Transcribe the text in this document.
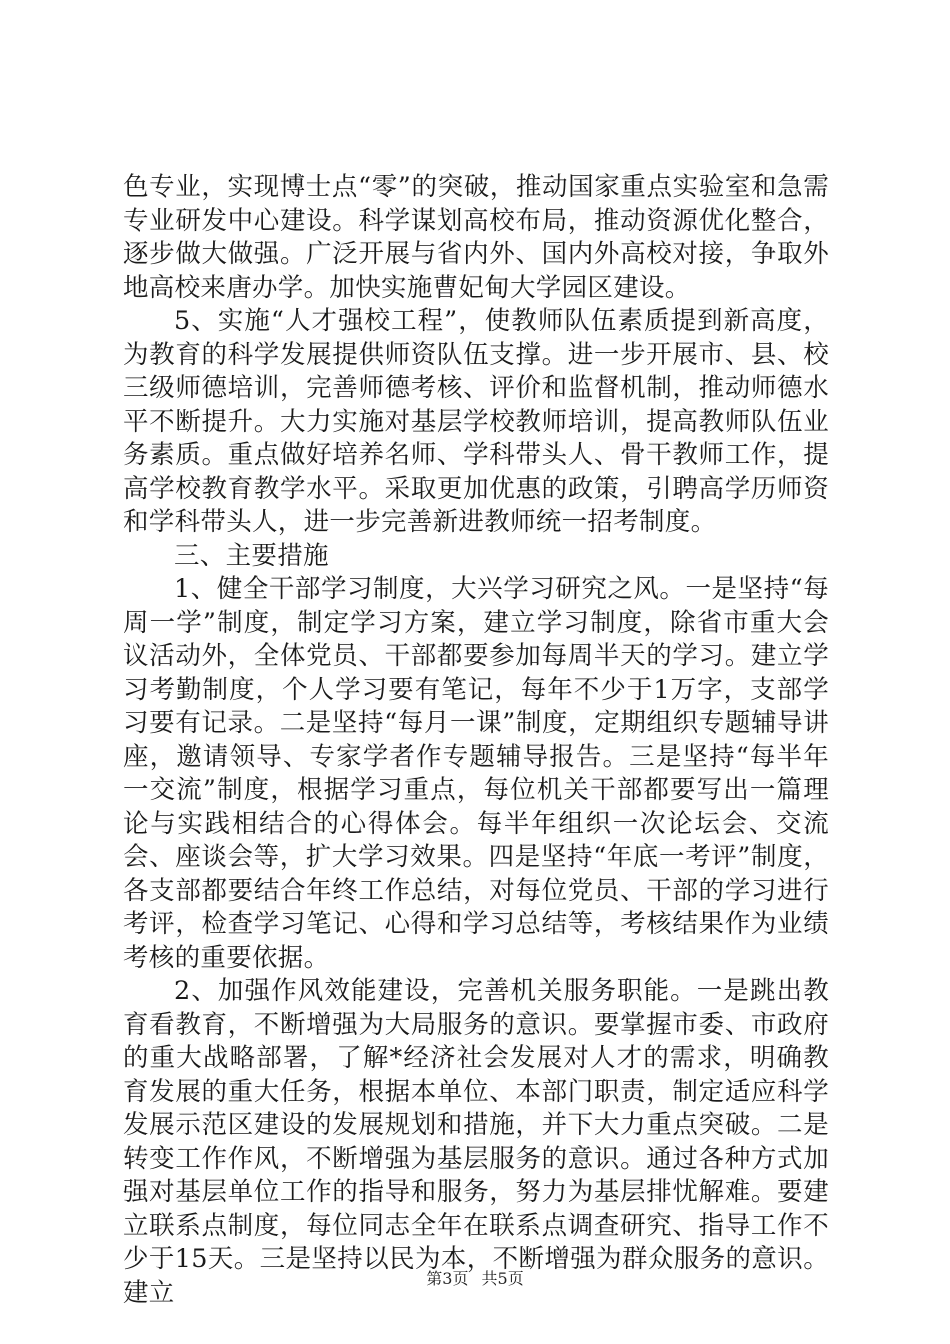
色专业，实现博士点“零”的突破，推动国家重点实验室和急需专业研发中心建设。科学谋划高校布局，推动资源优化整合，逐步做大做强。广泛开展与省内外、国内外高校对接，争取外地高校来唐办学。加快实施曹妃甸大学园区建设。

5、实施“人才强校工程”，使教师队伍素质提到新高度，为教育的科学发展提供师资队伍支撑。进一步开展市、县、校三级师德培训，完善师德考核、评价和监督机制，推动师德水平不断提升。大力实施对基层学校教师培训，提高教师队伍业务素质。重点做好培养名师、学科带头人、骨干教师工作，提高学校教育教学水平。采取更加优惠的政策，引聘高学历师资和学科带头人，进一步完善新进教师统一招考制度。

三、主要措施

1、健全干部学习制度，大兴学习研究之风。一是坚持“每周一学”制度，制定学习方案，建立学习制度，除省市重大会议活动外，全体党员、干部都要参加每周半天的学习。建立学习考勤制度，个人学习要有笔记，每年不少于1万字，支部学习要有记录。二是坚持“每月一课”制度，定期组织专题辅导讲座，邀请领导、专家学者作专题辅导报告。三是坚持“每半年一交流”制度，根据学习重点，每位机关干部都要写出一篇理论与实践相结合的心得体会。每半年组织一次论坛会、交流会、座谈会等，扩大学习效果。四是坚持“年底一考评”制度，各支部都要结合年终工作总结，对每位党员、干部的学习进行考评，检查学习笔记、心得和学习总结等，考核结果作为业绩考核的重要依据。

2、加强作风效能建设，完善机关服务职能。一是跳出教育看教育，不断增强为大局服务的意识。要掌握市委、市政府的重大战略部署，了解*经济社会发展对人才的需求，明确教育发展的重大任务，根据本单位、本部门职责，制定适应科学发展示范区建设的发展规划和措施，并下大力重点突破。二是转变工作作风，不断增强为基层服务的意识。通过各种方式加强对基层单位工作的指导和服务，努力为基层排忧解难。要建立联系点制度，每位同志全年在联系点调查研究、指导工作不少于15天。三是坚持以民为本，不断增强为群众服务的意识。建立	第3页 共5页
